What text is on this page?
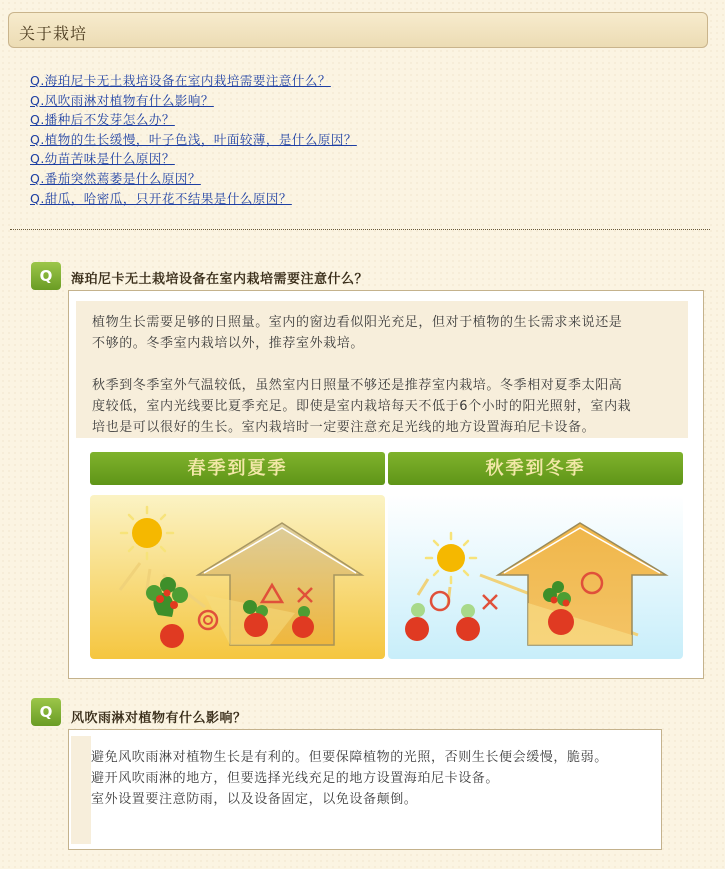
关于栽培
Q.海珀尼卡无土栽培设备在室内栽培需要注意什么？
Q.风吹雨淋对植物有什么影响？
Q.播种后不发芽怎么办？
Q.植物的生长缓慢，叶子色浅，叶面较薄，是什么原因？
Q.幼苗苦味是什么原因？
Q.番茄突然蔫萎是什么原因？
Q.甜瓜，哈密瓜，只开花不结果是什么原因？
Q	海珀尼卡无土栽培设备在室内栽培需要注意什么？

植物生长需要足够的日照量。室内的窗边看似阳光充足，但对于植物的生长需求来说还是

不够的。冬季室内栽培以外，推荐室外栽培。

秋季到冬季室外气温较低，虽然室内日照量不够还是推荐室内栽培。冬季相对夏季太阳高

度较低，室内光线要比夏季充足。即使是室内栽培每天不低于6个小时的阳光照射，室内栽

培也是可以很好的生长。室内栽培时一定要注意充足光线的地方设置海珀尼卡设备。

春季到夏季	秋季到冬季
Q	风吹雨淋对植物有什么影响？

避免风吹雨淋对植物生长是有利的。但要保障植物的光照，否则生长便会缓慢，脆弱。

避开风吹雨淋的地方，但要选择光线充足的地方设置海珀尼卡设备。

室外设置要注意防雨，以及设备固定，以免设备颠倒。
